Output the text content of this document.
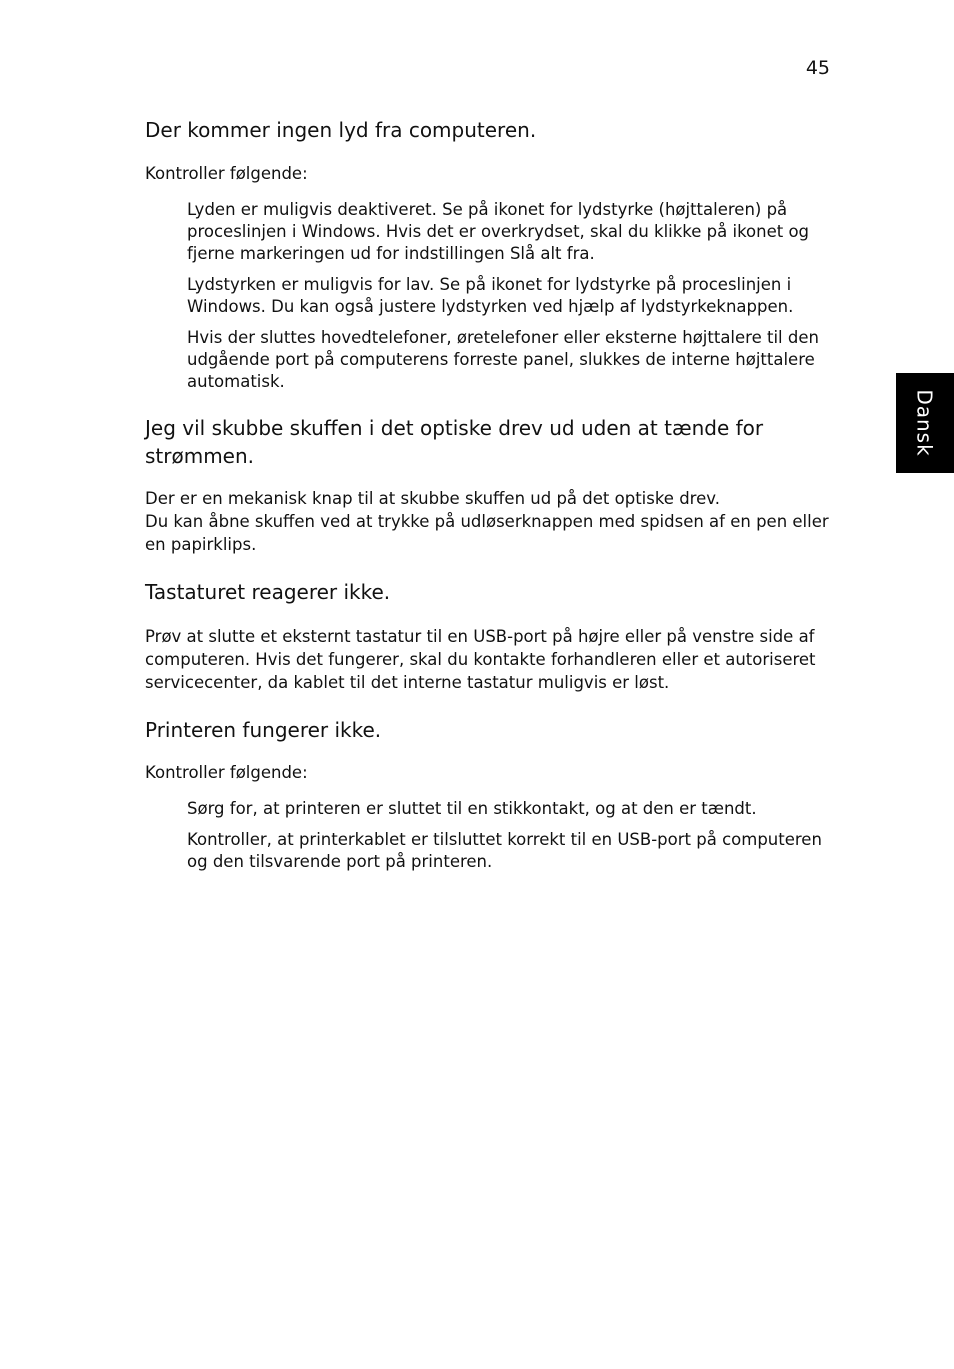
45
Dansk
Der kommer ingen lyd fra computeren.

Kontroller følgende:

Lyden er muligvis deaktiveret. Se på ikonet for lydstyrke (højttaleren) på proceslinjen i Windows. Hvis det er overkrydset, skal du klikke på ikonet og fjerne markeringen ud for indstillingen Slå alt fra.

Lydstyrken er muligvis for lav. Se på ikonet for lydstyrke på proceslinjen i Windows. Du kan også justere lydstyrken ved hjælp af lydstyrkeknappen.

Hvis der sluttes hovedtelefoner, øretelefoner eller eksterne højttalere til den udgående port på computerens forreste panel, slukkes de interne højttalere automatisk.

Jeg vil skubbe skuffen i det optiske drev ud uden at tænde for strømmen.

Der er en mekanisk knap til at skubbe skuffen ud på det optiske drev.

Du kan åbne skuffen ved at trykke på udløserknappen med spidsen af en pen eller en papirklips.

Tastaturet reagerer ikke.

Prøv at slutte et eksternt tastatur til en USB-port på højre eller på venstre side af computeren. Hvis det fungerer, skal du kontakte forhandleren eller et autoriseret servicecenter, da kablet til det interne tastatur muligvis er løst.

Printeren fungerer ikke.

Kontroller følgende:

Sørg for, at printeren er sluttet til en stikkontakt, og at den er tændt.

Kontroller, at printerkablet er tilsluttet korrekt til en USB-port på computeren og den tilsvarende port på printeren.
